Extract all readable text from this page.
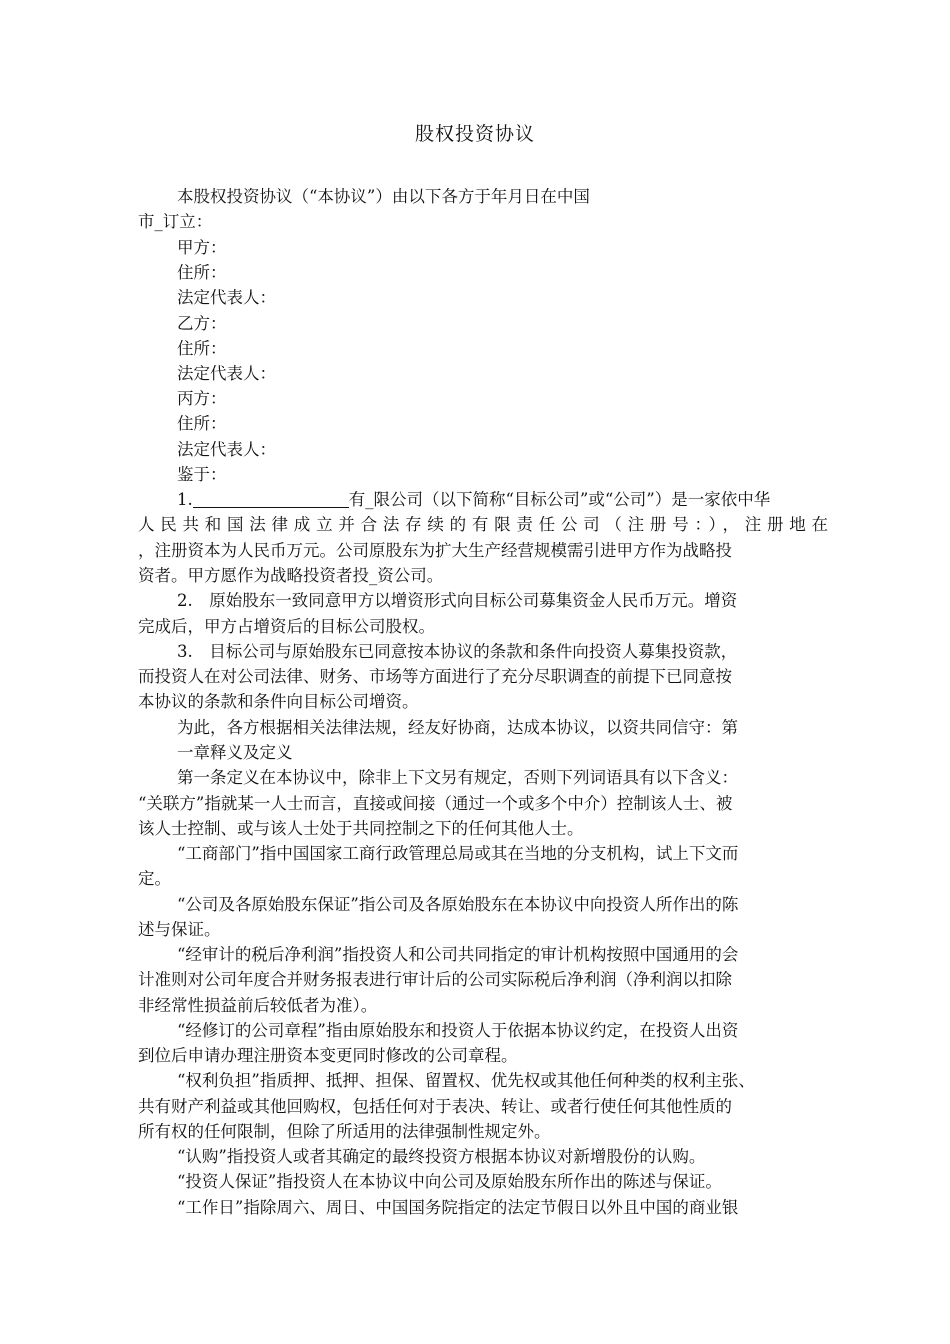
股权投资协议
本股权投资协议（“本协议”）由以下各方于年月日在中国
市_订立：
甲方：
住所：
法定代表人：
乙方：
住所：
法定代表人：
丙方：
住所：
法定代表人：
鉴于：
1.	有_限公司（以下简称“目标公司”或“公司”）是一家依中华
人民共和国法律成立并合法存续的有限责任公司（注册号：），注册地在
，注册资本为人民币万元。公司原股东为扩大生产经营规模需引进甲方作为战略投
资者。甲方愿作为战略投资者投_资公司。
2.　原始股东一致同意甲方以增资形式向目标公司募集资金人民币万元。增资
完成后，甲方占增资后的目标公司股权。
3.　目标公司与原始股东已同意按本协议的条款和条件向投资人募集投资款，
而投资人在对公司法律、财务、市场等方面进行了充分尽职调查的前提下已同意按
本协议的条款和条件向目标公司增资。
为此，各方根据相关法律法规，经友好协商，达成本协议，以资共同信守：第
一章释义及定义
第一条定义在本协议中，除非上下文另有规定，否则下列词语具有以下含义：
“关联方”指就某一人士而言，直接或间接（通过一个或多个中介）控制该人士、被
该人士控制、或与该人士处于共同控制之下的任何其他人士。
“工商部门”指中国国家工商行政管理总局或其在当地的分支机构，试上下文而
定。
“公司及各原始股东保证”指公司及各原始股东在本协议中向投资人所作出的陈
述与保证。
“经审计的税后净利润”指投资人和公司共同指定的审计机构按照中国通用的会
计准则对公司年度合并财务报表进行审计后的公司实际税后净利润（净利润以扣除
非经常性损益前后较低者为准）。
“经修订的公司章程”指由原始股东和投资人于依据本协议约定，在投资人出资
到位后申请办理注册资本变更同时修改的公司章程。
“权利负担”指质押、抵押、担保、留置权、优先权或其他任何种类的权利主张、
共有财产利益或其他回购权，包括任何对于表决、转让、或者行使任何其他性质的
所有权的任何限制，但除了所适用的法律强制性规定外。
“认购”指投资人或者其确定的最终投资方根据本协议对新增股份的认购。
“投资人保证”指投资人在本协议中向公司及原始股东所作出的陈述与保证。
“工作日”指除周六、周日、中国国务院指定的法定节假日以外且中国的商业银
